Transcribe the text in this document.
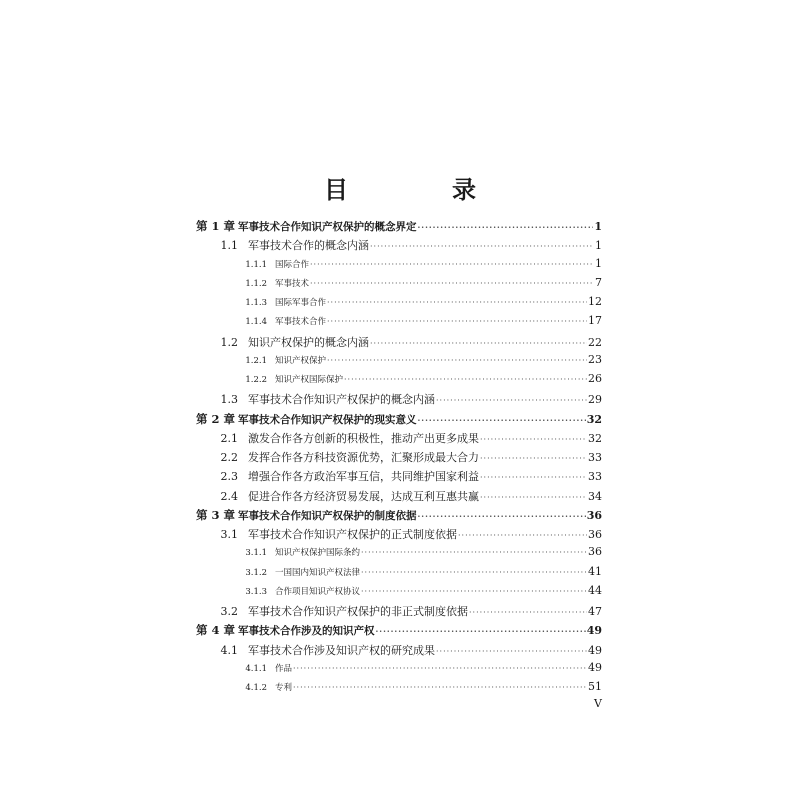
目　录
第 1 章 军事技术合作知识产权保护的概念界定 ·····	1
1.1 军事技术合作的概念内涵 ·····	1
1.1.1 国际合作 ·····	1
1.1.2 军事技术 ·····	7
1.1.3 国际军事合作 ·····	12
1.1.4 军事技术合作 ·····	17
1.2 知识产权保护的概念内涵 ·····	22
1.2.1 知识产权保护 ·····	23
1.2.2 知识产权国际保护 ·····	26
1.3 军事技术合作知识产权保护的概念内涵 ·····	29
第 2 章 军事技术合作知识产权保护的现实意义 ·····	32
2.1 激发合作各方创新的积极性，推动产出更多成果 ·····	32
2.2 发挥合作各方科技资源优势，汇聚形成最大合力 ·····	33
2.3 增强合作各方政治军事互信，共同维护国家利益 ·····	33
2.4 促进合作各方经济贸易发展，达成互利互惠共赢 ·····	34
第 3 章 军事技术合作知识产权保护的制度依据 ·····	36
3.1 军事技术合作知识产权保护的正式制度依据 ·····	36
3.1.1 知识产权保护国际条约 ·····	36
3.1.2 一国国内知识产权法律 ·····	41
3.1.3 合作项目知识产权协议 ·····	44
3.2 军事技术合作知识产权保护的非正式制度依据 ·····	47
第 4 章 军事技术合作涉及的知识产权 ·····	49
4.1 军事技术合作涉及知识产权的研究成果 ·····	49
4.1.1 作品 ·····	49
4.1.2 专利 ·····	51
V
